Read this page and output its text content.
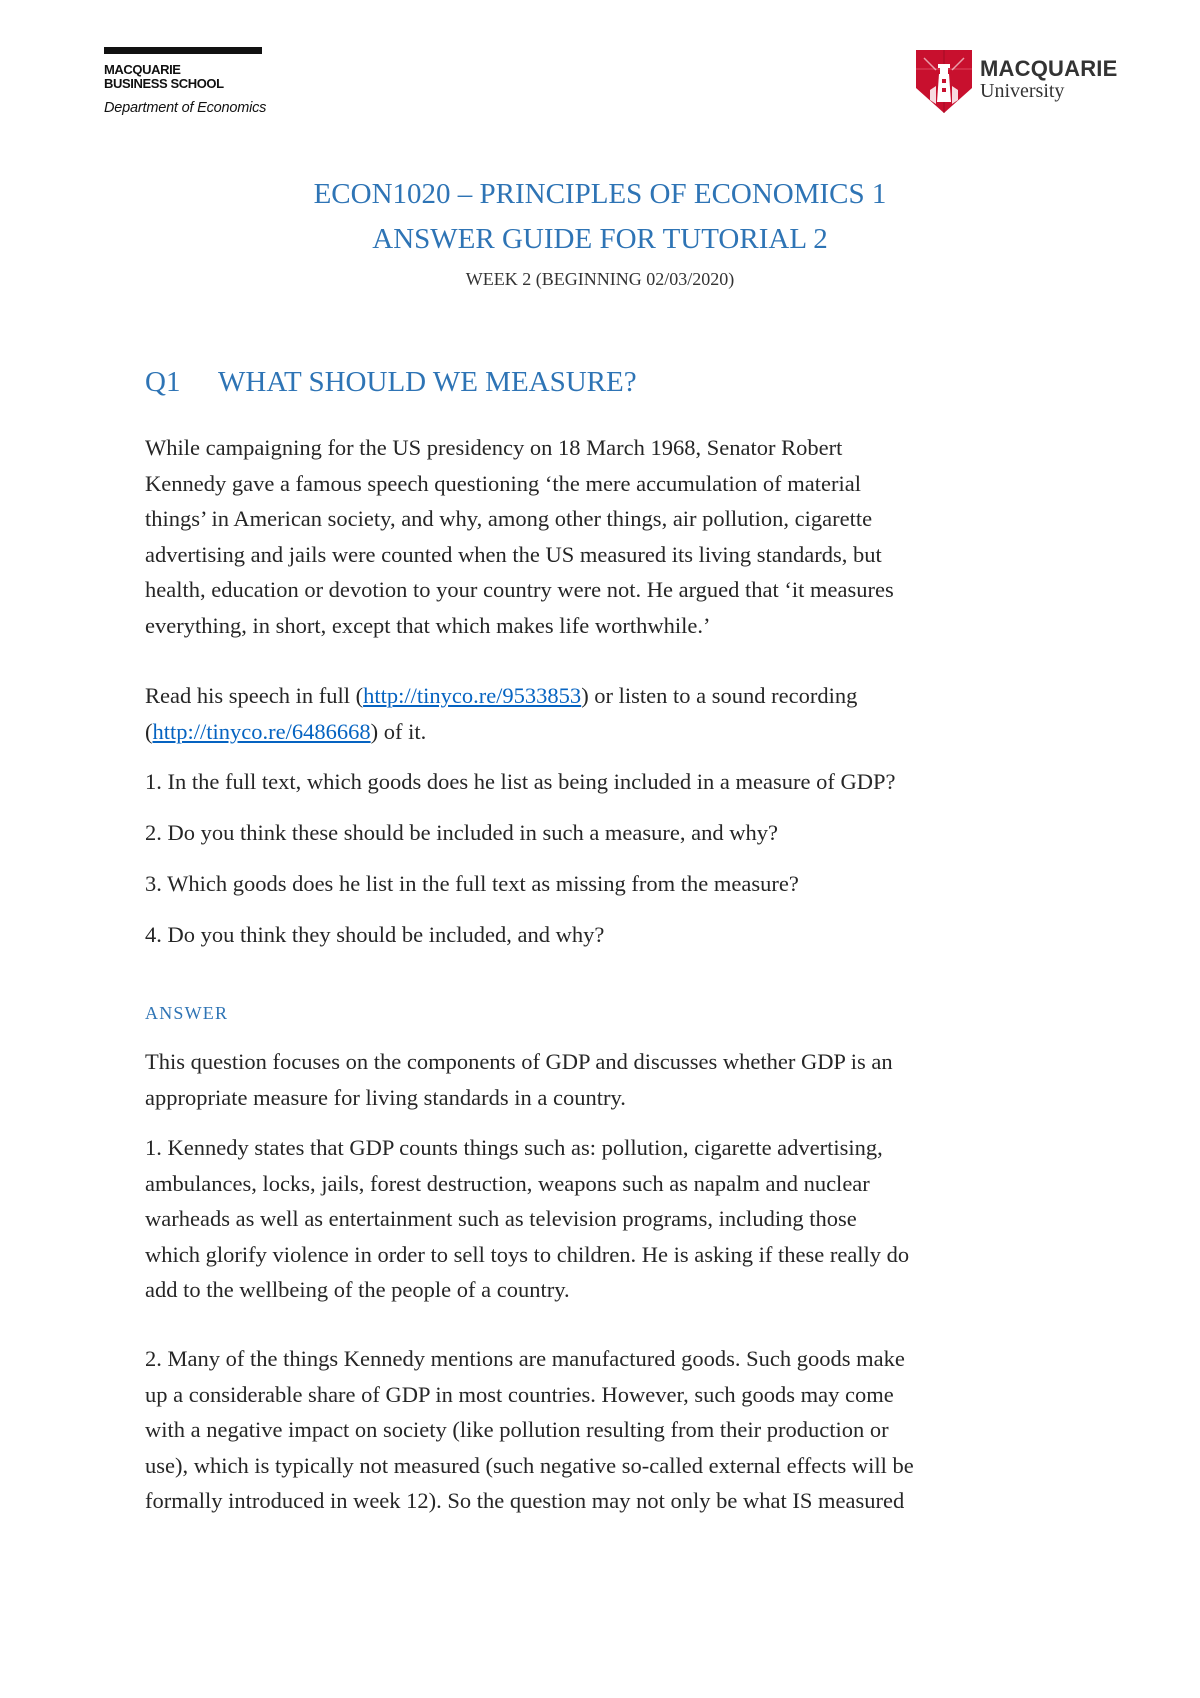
MACQUARIE
BUSINESS SCHOOL
Department of Economics
MACQUARIE
University
ECON1020 – PRINCIPLES OF ECONOMICS 1
ANSWER GUIDE FOR TUTORIAL 2
WEEK 2 (BEGINNING 02/03/2020)
Q1 WHAT SHOULD WE MEASURE?
While campaigning for the US presidency on 18 March 1968, Senator Robert
Kennedy gave a famous speech questioning ‘the mere accumulation of material
things’ in American society, and why, among other things, air pollution, cigarette
advertising and jails were counted when the US measured its living standards, but
health, education or devotion to your country were not. He argued that ‘it measures
everything, in short, except that which makes life worthwhile.’
Read his speech in full (http://tinyco.re/9533853) or listen to a sound recording
(http://tinyco.re/6486668) of it.
1. In the full text, which goods does he list as being included in a measure of GDP?
2. Do you think these should be included in such a measure, and why?
3. Which goods does he list in the full text as missing from the measure?
4. Do you think they should be included, and why?
ANSWER
This question focuses on the components of GDP and discusses whether GDP is an
appropriate measure for living standards in a country.
1. Kennedy states that GDP counts things such as: pollution, cigarette advertising,
ambulances, locks, jails, forest destruction, weapons such as napalm and nuclear
warheads as well as entertainment such as television programs, including those
which glorify violence in order to sell toys to children. He is asking if these really do
add to the wellbeing of the people of a country.
2. Many of the things Kennedy mentions are manufactured goods. Such goods make
up a considerable share of GDP in most countries. However, such goods may come
with a negative impact on society (like pollution resulting from their production or
use), which is typically not measured (such negative so-called external effects will be
formally introduced in week 12). So the question may not only be what IS measured
